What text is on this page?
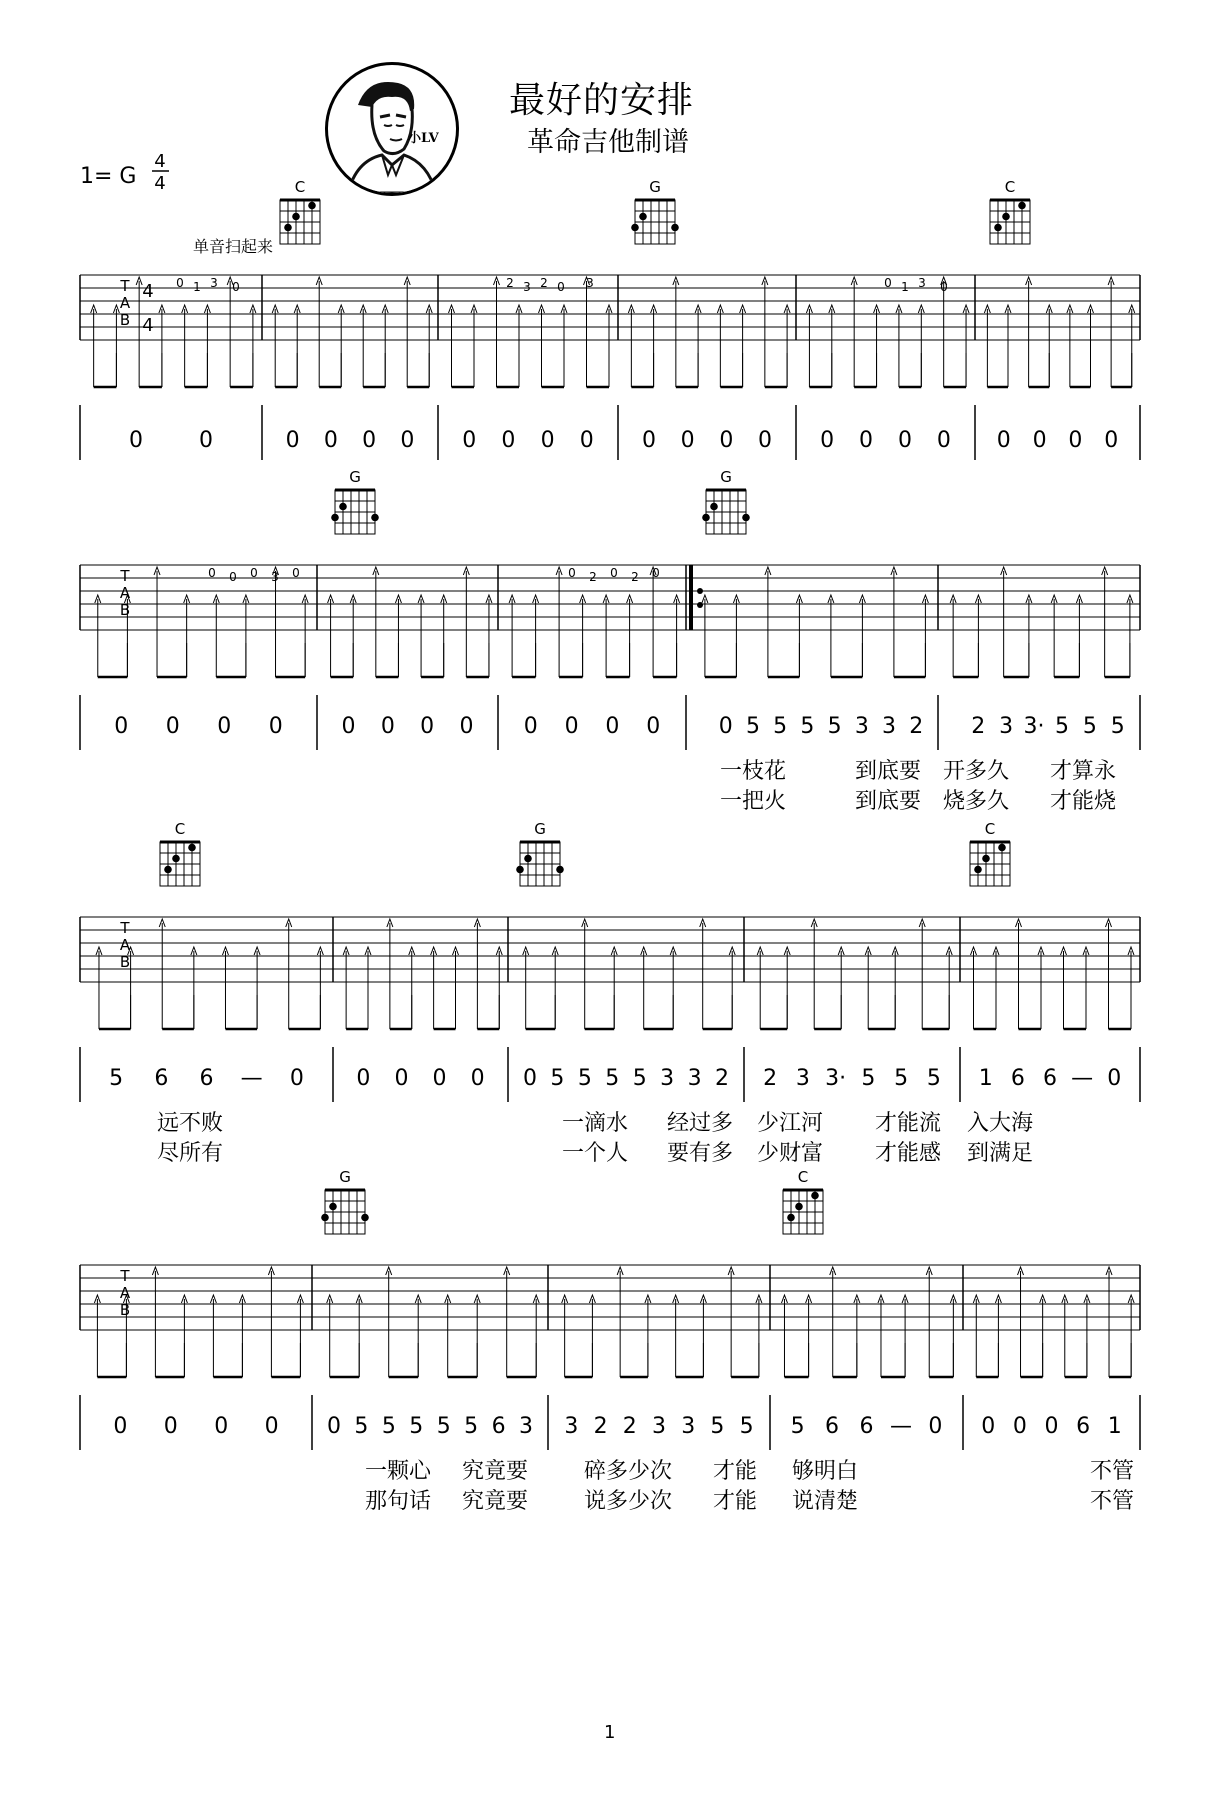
小LV
最好的安排
革命吉他制谱
1= G
1
4
4
T
A
B
4
4
T
A
B
T
A
B
T
A
B
单音扫起来
C	G	C
G	G
C	G	C
G	C
0 1 3 0	2 3 2 0 3	0 1 3 0
0 0 0 3 0	0 2 0 2 0
0	0	0 0 0 0 0 0 0 0 0 0 0 0 0 0 0 0 0 0 0 0
0 0 0 0	0 0 0 0 0 0 0 0	0 5 5 5 5 3 3 2 2 3 3· 5 5 5
5 6 6 — 0 0 0 0 0 0 5 5 5 5 3 3 2 2 3 3· 5 5 5 1 6 6 — 0
0 0 0 0 0 5 5 5 5 5 6 3 3 2 2 3 3 5 5 5 6 6 — 0 0 0 0 6 1
一枝花	到底要 开多久 才算永
一把火	到底要 烧多久 才能烧
远不败	一滴水 经过多 少江河 才能流 入大海
尽所有	一个人 要有多 少财富 才能感 到满足
一颗心 究竟要	碎多少次 才能 够明白	不管
那句话 究竟要	说多少次 才能 说清楚	不管
